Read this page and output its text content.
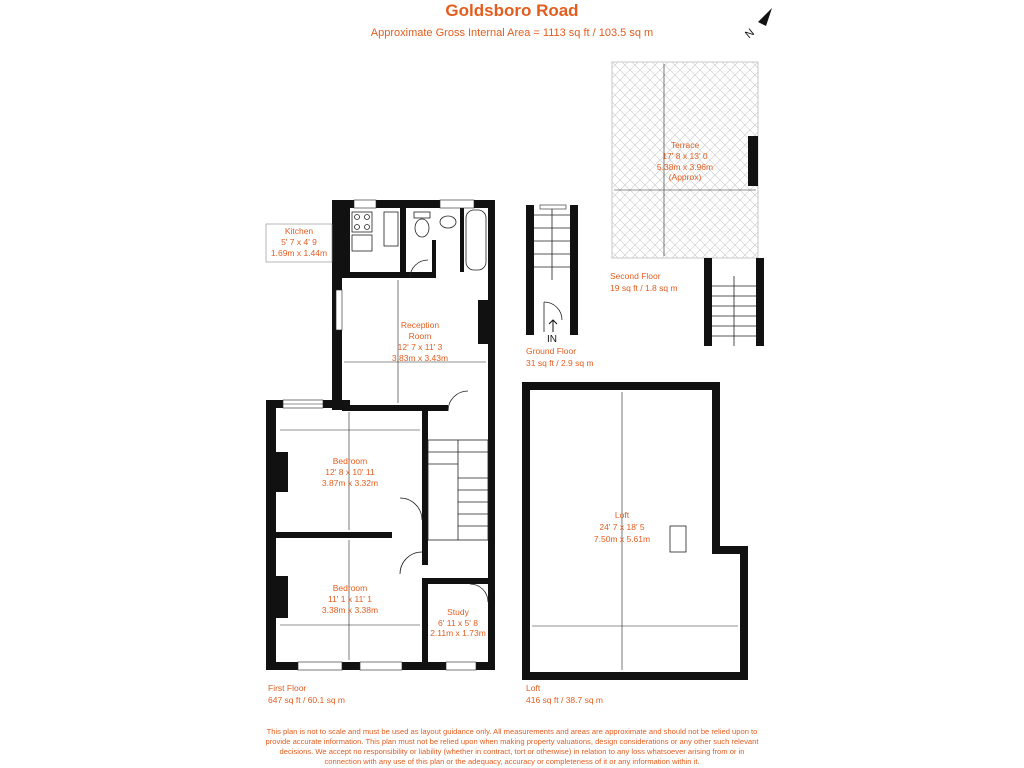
Goldsboro Road
Approximate Gross Internal Area = 1113 sq ft / 103.5 sq m	N
Kitchen
5' 7 x 4' 9
1.69m x 1.44m
Reception
Room
12' 7 x 11' 3
3.83m x 3.43m
Bedroom
12' 8 x 10' 11
3.87m x 3.32m
Bedroom
11' 1 x 11' 1
3.38m x 3.38m	Study
6' 11 x 5' 8
2.11m x 1.73m
IN
Terrace
17' 8 x 13' 0
5.38m x 3.96m
(Approx)
Loft
24' 7 x 18' 5
7.50m x 5.61m
First Floor
647 sq ft / 60.1 sq m
Ground Floor
31 sq ft / 2.9 sq m
Second Floor
19 sq ft / 1.8 sq m
Loft
416 sq ft / 38.7 sq m
This plan is not to scale and must be used as layout guidance only. All measurements and areas are approximate and should not be relied upon to
provide accurate information. This plan must not be relied upon when making property valuations, design considerations or any other such relevant
decisions. We accept no responsibility or liability (whether in contract, tort or otherwise) in relation to any loss whatsoever arising from or in
connection with any use of this plan or the adequacy, accuracy or completeness of it or any information within it.
